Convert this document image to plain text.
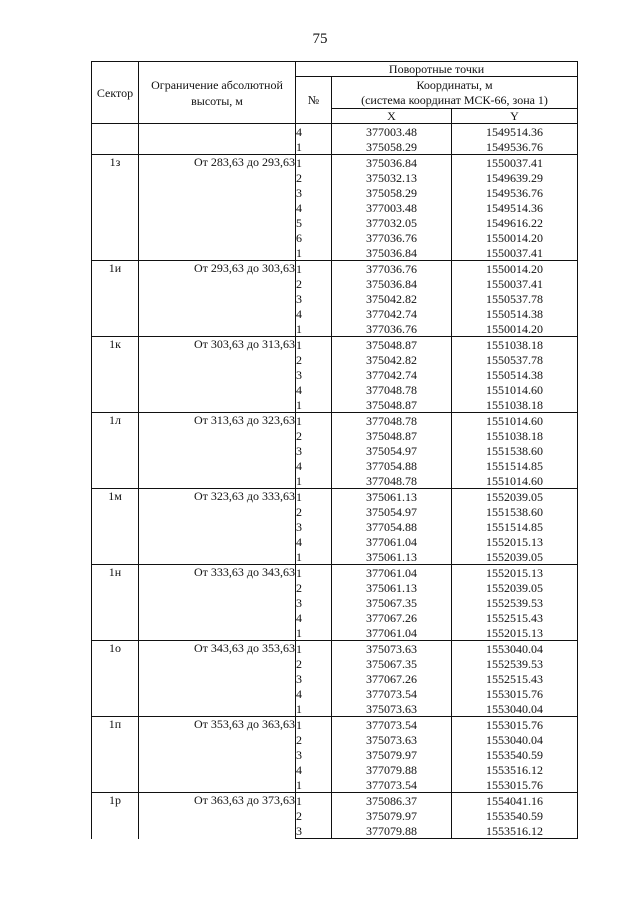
75
Сектор	Ограничение абсолютной высоты, м	Поворотные точки		
		№	Координаты, м
(система координат МСК-66, зона 1)	
			X	Y
		4	377003.48	1549514.36
		1	375058.29	1549536.76
1з	От 283,63 до 293,63	1	375036.84	1550037.41
		2	375032.13	1549639.29
		3	375058.29	1549536.76
		4	377003.48	1549514.36
		5	377032.05	1549616.22
		6	377036.76	1550014.20
		1	375036.84	1550037.41
1и	От 293,63 до 303,63	1	377036.76	1550014.20
		2	375036.84	1550037.41
		3	375042.82	1550537.78
		4	377042.74	1550514.38
		1	377036.76	1550014.20
1к	От 303,63 до 313,63	1	375048.87	1551038.18
		2	375042.82	1550537.78
		3	377042.74	1550514.38
		4	377048.78	1551014.60
		1	375048.87	1551038.18
1л	От 313,63 до 323,63	1	377048.78	1551014.60
		2	375048.87	1551038.18
		3	375054.97	1551538.60
		4	377054.88	1551514.85
		1	377048.78	1551014.60
1м	От 323,63 до 333,63	1	375061.13	1552039.05
		2	375054.97	1551538.60
		3	377054.88	1551514.85
		4	377061.04	1552015.13
		1	375061.13	1552039.05
1н	От 333,63 до 343,63	1	377061.04	1552015.13
		2	375061.13	1552039.05
		3	375067.35	1552539.53
		4	377067.26	1552515.43
		1	377061.04	1552015.13
1о	От 343,63 до 353,63	1	375073.63	1553040.04
		2	375067.35	1552539.53
		3	377067.26	1552515.43
		4	377073.54	1553015.76
		1	375073.63	1553040.04
1п	От 353,63 до 363,63	1	377073.54	1553015.76
		2	375073.63	1553040.04
		3	375079.97	1553540.59
		4	377079.88	1553516.12
		1	377073.54	1553015.76
1р	От 363,63 до 373,63	1	375086.37	1554041.16
		2	375079.97	1553540.59
		3	377079.88	1553516.12
